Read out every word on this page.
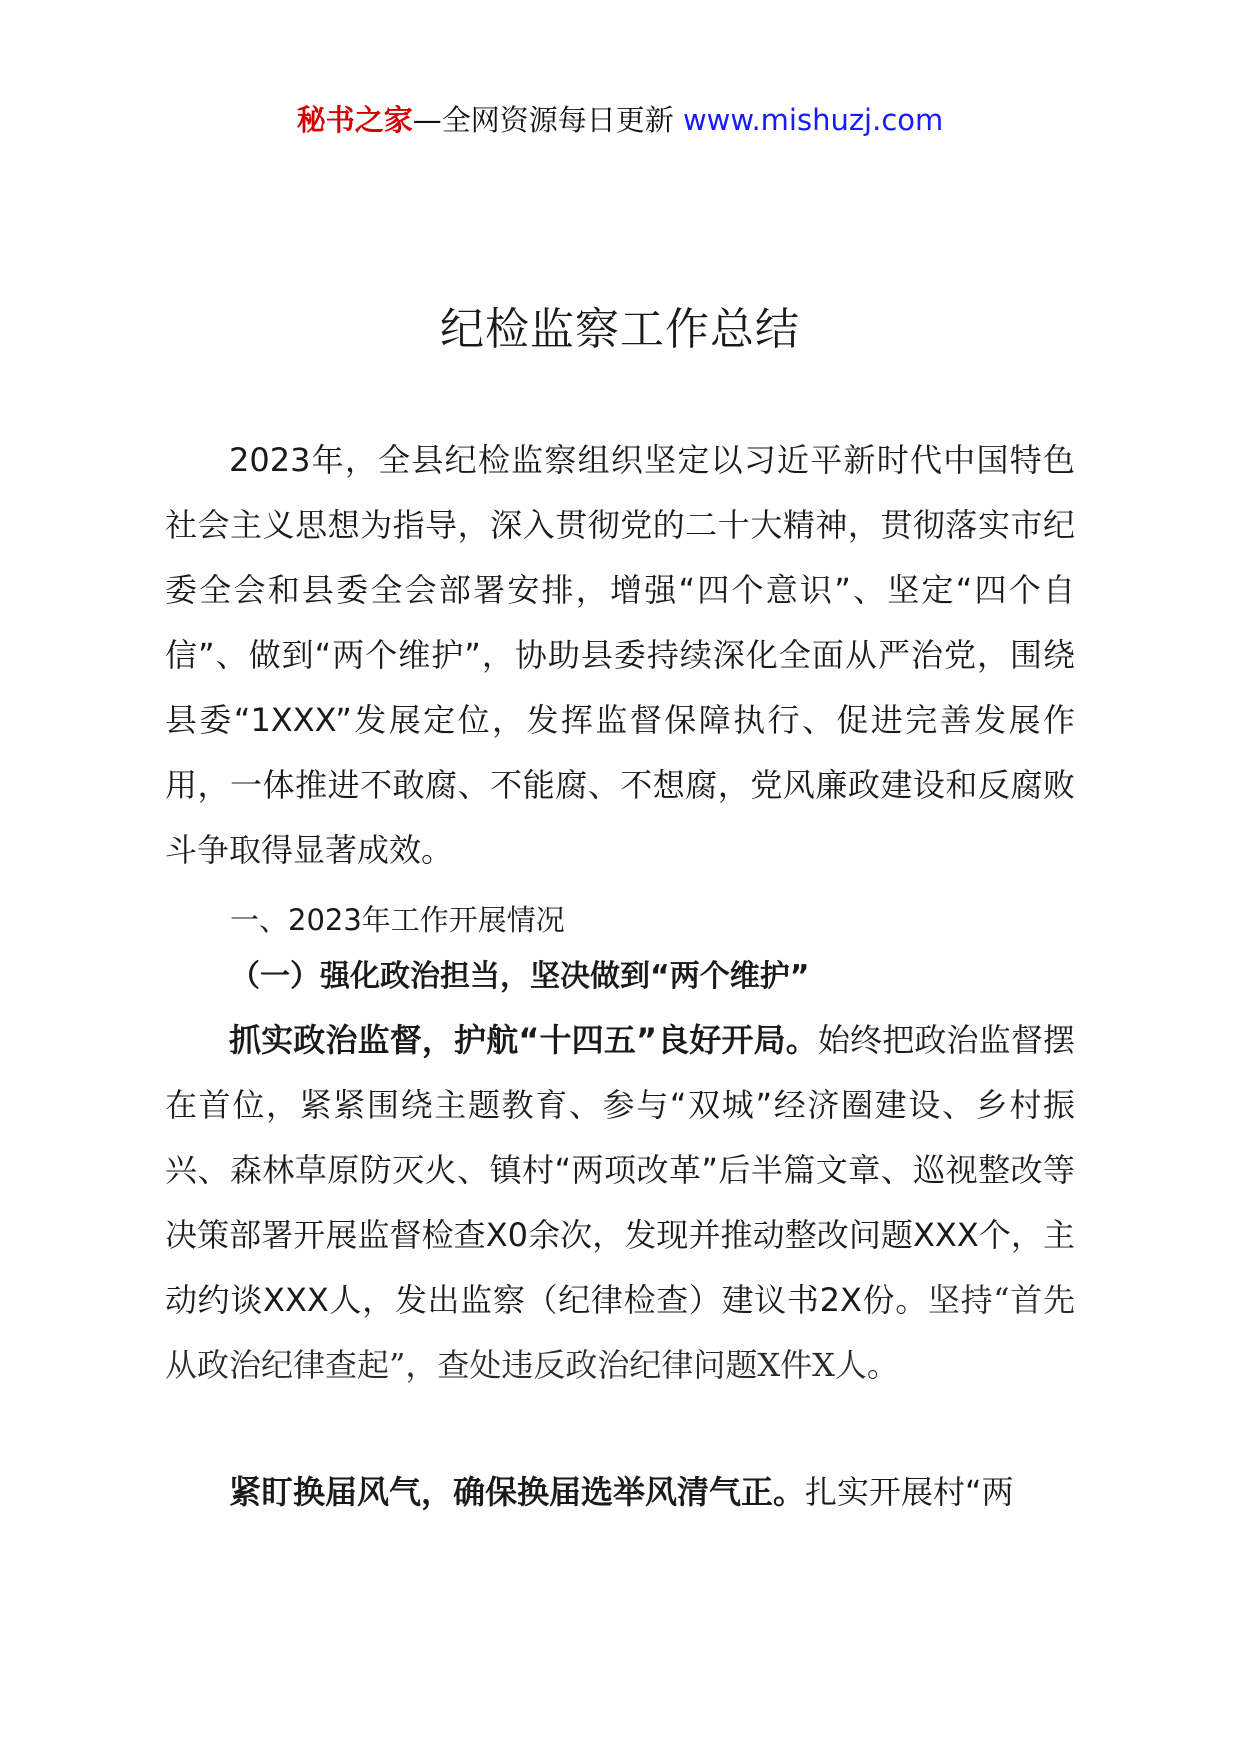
秘书之家—全网资源每日更新 www.mishuzj.com
纪检监察工作总结

2023年，全县纪检监察组织坚定以习近平新时代中国特色社会主义思想为指导，深入贯彻党的二十大精神，贯彻落实市纪委全会和县委全会部署安排，增强“四个意识”、坚定“四个自信”、做到“两个维护”，协助县委持续深化全面从严治党，围绕县委“1XXX”发展定位，发挥监督保障执行、促进完善发展作用，一体推进不敢腐、不能腐、不想腐，党风廉政建设和反腐败斗争取得显著成效。

一、2023年工作开展情况
（一）强化政治担当，坚决做到“两个维护”

抓实政治监督，护航“十四五”良好开局。始终把政治监督摆在首位，紧紧围绕主题教育、参与“双城”经济圈建设、乡村振兴、森林草原防灭火、镇村“两项改革”后半篇文章、巡视整改等决策部署开展监督检查X0余次，发现并推动整改问题XXX个，主动约谈XXX人，发出监察（纪律检查）建议书2X份。坚持“首先从政治纪律查起”，查处违反政治纪律问题X件X人。

紧盯换届风气，确保换届选举风清气正。扎实开展村“两
